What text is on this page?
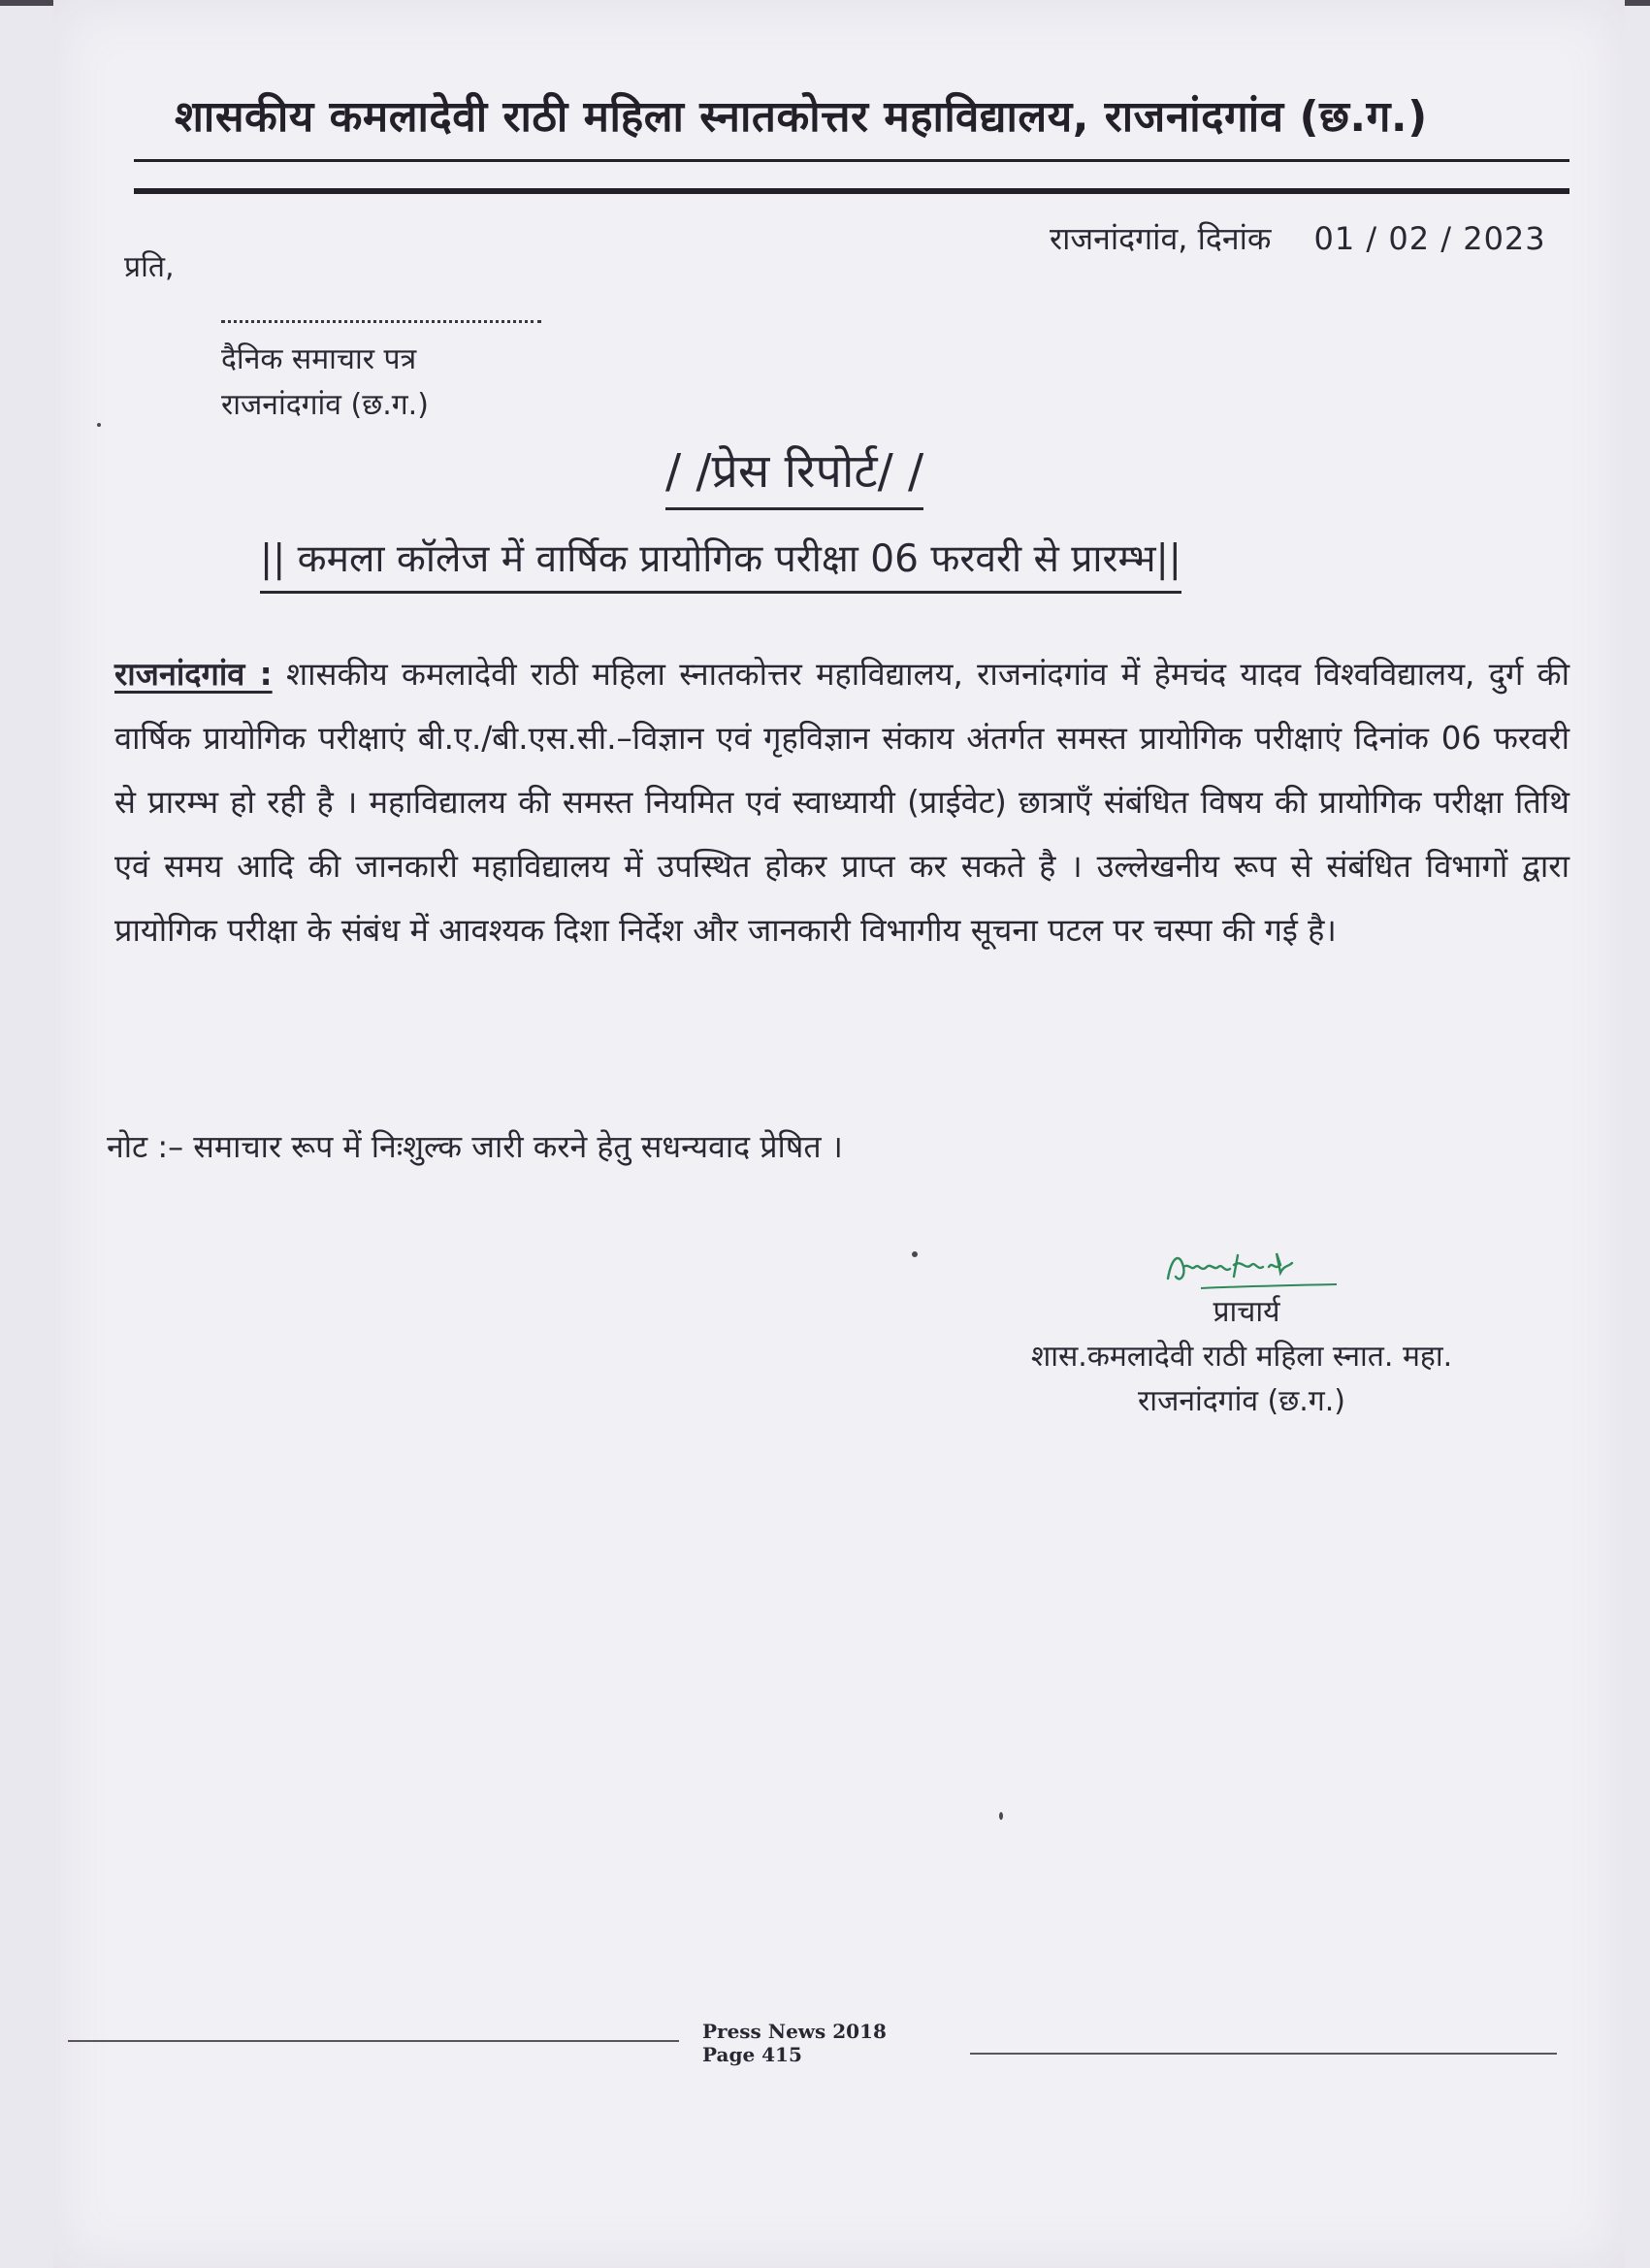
शासकीय कमलादेवी राठी महिला स्नातकोत्तर महाविद्यालय, राजनांदगांव (छ.ग.)
राजनांदगांव, दिनांक 01 / 02 / 2023
प्रति,
दैनिक समाचार पत्र
राजनांदगांव (छ.ग.)
/ /प्रेस रिपोर्ट/ /
|| कमला कॉलेज में वार्षिक प्रायोगिक परीक्षा 06 फरवरी से प्रारम्भ||
राजनांदगांव : शासकीय कमलादेवी राठी महिला स्नातकोत्तर महाविद्यालय, राजनांदगांव में हेमचंद यादव विश्वविद्यालय, दुर्ग की वार्षिक प्रायोगिक परीक्षाएं बी.ए./बी.एस.सी.–विज्ञान एवं गृहविज्ञान संकाय अंतर्गत समस्त प्रायोगिक परीक्षाएं दिनांक 06 फरवरी से प्रारम्भ हो रही है । महाविद्यालय की समस्त नियमित एवं स्वाध्यायी (प्राईवेट) छात्राएँ संबंधित विषय की प्रायोगिक परीक्षा तिथि एवं समय आदि की जानकारी महाविद्यालय में उपस्थित होकर प्राप्त कर सकते है । उल्लेखनीय रूप से संबंधित विभागों द्वारा प्रायोगिक परीक्षा के संबंध में आवश्यक दिशा निर्देश और जानकारी विभागीय सूचना पटल पर चस्पा की गई है।
नोट :– समाचार रूप में निःशुल्क जारी करने हेतु सधन्यवाद प्रेषित ।
प्राचार्य
शास.कमलादेवी राठी महिला स्नात. महा.
राजनांदगांव (छ.ग.)
Press News 2018 Page 415
